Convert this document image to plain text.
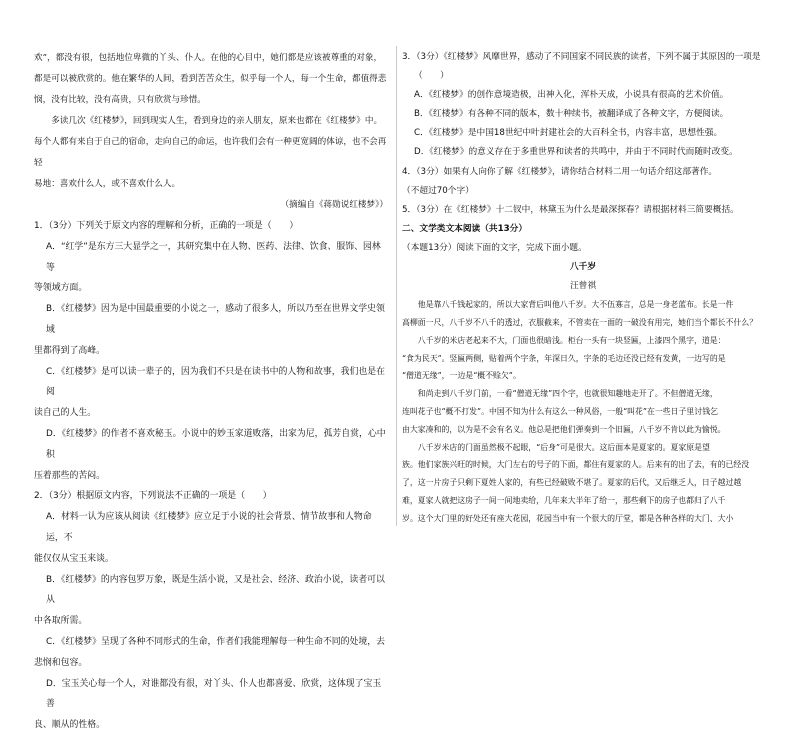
欢”，都没有很，包括地位卑微的丫头、仆人。在他的心目中，她们都是应该被尊重的对象，

都是可以被欣赏的。他在繁华的人间，看到苦苦众生，似乎每一个人，每一个生命，都值得悲

悯，没有比较，没有高贵，只有欣赏与珍惜。

多读几次《红楼梦》，回到现实人生，看到身边的亲人朋友，原来也都在《红楼梦》中。

每个人都有来自于自己的宿命，走向自己的命运，也许我们会有一种更宽阔的体谅，也不会再轻

易地：喜欢什么人，或不喜欢什么人。

（摘编自《蒋勋说红楼梦》）

1．（3分）下列关于原文内容的理解和分析，正确的一项是（　　）

A．“红学”是东方三大显学之一，其研究集中在人物、医药、法律、饮食、服饰、园林等

等领域方面。

B．《红楼梦》因为是中国最重要的小说之一，感动了很多人，所以乃至在世界文学史领域

里都得到了高峰。

C．《红楼梦》是可以读一辈子的，因为我们不只是在读书中的人物和故事，我们也是在阅

读自己的人生。

D．《红楼梦》的作者不喜欢秘玉。小说中的妙玉家道败落，出家为尼，孤芳自赏，心中积

压着那些的苦闷。

2．（3分）根据原文内容，下列说法不正确的一项是（　　）

A．材料一认为应该从阅读《红楼梦》应立足于小说的社会背景、情节故事和人物命运，不

能仅仅从宝玉来谈。

B．《红楼梦》的内容包罗万象，既是生活小说，又是社会、经济、政治小说，读者可以从

中各取所需。

C．《红楼梦》呈现了各种不同形式的生命，作者们我能理解每一种生命不同的处境，去

悲悯和包容。

D．宝玉关心每一个人，对谁都没有很，对丫头、仆人也都喜爱、欣赏，这体现了宝玉善

良、顺从的性格。

3．（3分）《红楼梦》风靡世界，感动了不同国家不同民族的读者，下列不属于其原因的一项是

（　　）

A．《红楼梦》的创作意境造极，出神入化，浑朴天成，小说具有很高的艺术价值。

B．《红楼梦》有各种不同的版本，数十种续书，被翻译成了各种文字，方便阅读。

C．《红楼梦》是中国18世纪中叶封建社会的大百科全书，内容丰富，思想性强。

D．《红楼梦》的意义存在于多重世界和读者的共鸣中，并由于不同时代而随时改变。

4．（3分）如果有人向你了解《红楼梦》，请你结合材料二用一句话介绍这部著作。

（不超过70个字）

5．（3分）在《红楼梦》十二钗中，林黛玉为什么是最深探春？请根据材料三简要概括。

二、文学类文本阅读（共13分）

（本题13分）阅读下面的文字，完成下面小题。

八千岁

汪曾祺

他是靠八千钱起家的，所以大家背后叫他八千岁。大不伍寡言，总是一身老蓝布。长是一件

高柳面一尺，八千岁不八千的透过，衣服截来，不管卖在一面的一破没有用完，她们当个都长不什么？

八千岁的米店老起来不大，门面也很暗浅。柜台一头有一块竖匾，上漆四个黑字，道是：

“食为民天”。竖匾两侧，贴着两个字条，年深日久，字条的毛边还没已经有发黄，一边写的是

“僧道无缘”，一边是“概不赊欠”。

和尚走到八千岁门前，一看“僧道无缘”四个字，也就很知趣地走开了。不但僧道无缘，

连叫花子也“概不打发”。中国不知为什么有这么一种风俗，一般“叫花”在一些日子里讨钱乞

由大家凑和的，以为是不会有名义。他总是把他们弹奏到一个旧匾，八千岁不肯以此为愉悦。

八千岁米店的门面虽然极不起眼，“后身”可是很大。这后面本是夏家的。夏家原是望

族。他们家族兴旺的时候，大门左右的号子的下面，都住有夏家的人。后来有的出了去，有的已经没

了，这一片房子只剩下夏姓人家的，有些已经破败不堪了。夏家的后代，又后继乏人，日子越过越

难，夏家人就把这房子一间一间地卖给，几年来大半年了给一，那些剩下的房子也都归了八千

岁。这个大门里的好处还有座大花园，花园当中有一个很大的厅堂，都是各种各样的大门、大小
